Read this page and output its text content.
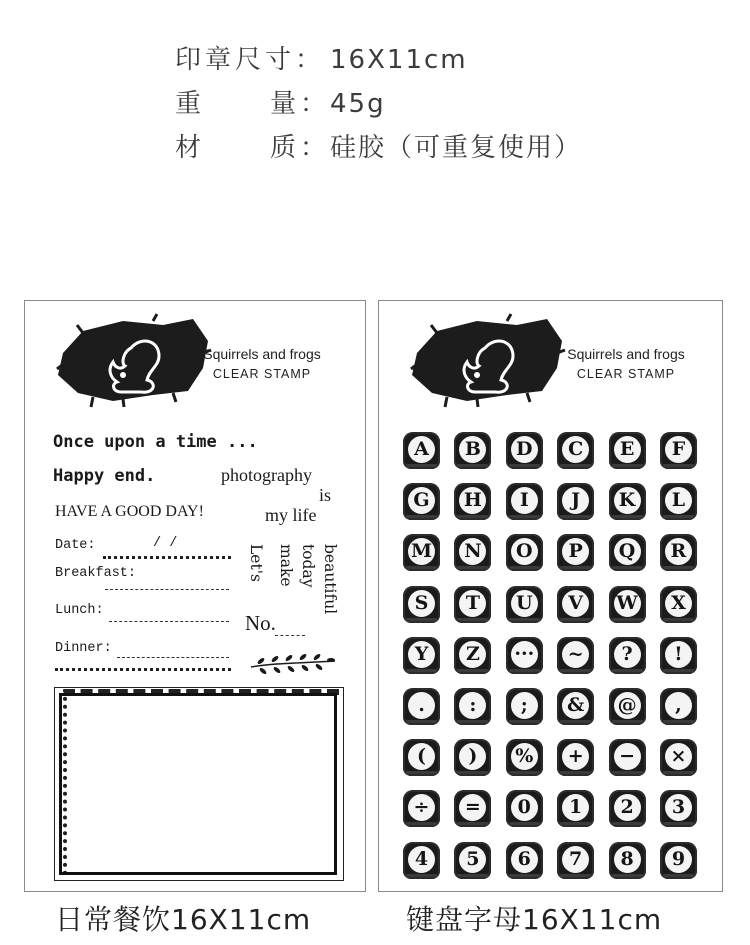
印 章 尺 寸 ： 16X11cm
重	量 ： 45g
材	质 ： 硅胶（可重复使用）
Squirrels and frogs
CLEAR STAMP
Once upon a time ...
Happy end.	photography
is
my life
HAVE A GOOD DAY!
Date:	/ /
Breakfast:
Lunch:
Dinner:
Let's make today beautiful
No.
Squirrels and frogs
CLEAR STAMP
A	B D	C	E	F
G H	I	J	K	L
M N O	P	Q R
S	T	U	V	W	X
Y	Z	··· ~	?	!
.	:	;	& @	,
(	)	% + − ×
÷ =	0	1	2	3
4	5	6	7	8	9
日常餐饮16X11cm	键盘字母16X11cm
